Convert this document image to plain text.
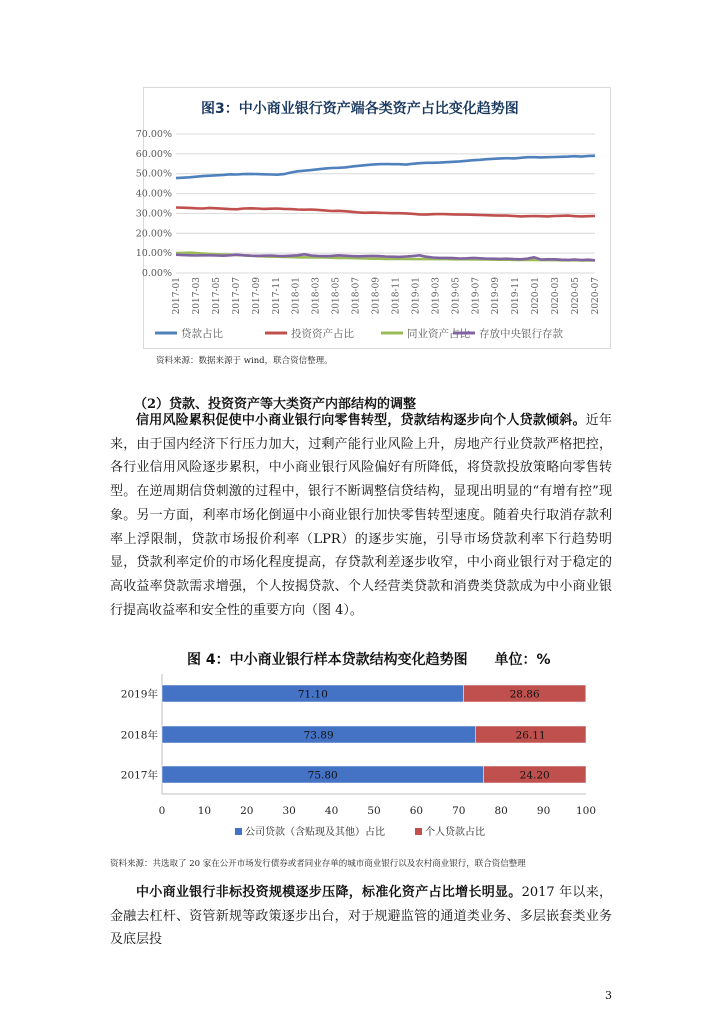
0.00%
10.00%
20.00%
30.00%
40.00%
50.00%
60.00%
70.00%
2017-01 2017-03 2017-05 2017-07 2017-09 2017-11 2018-01 2018-03 2018-05 2018-07 2018-09 2018-11 2019-01 2019-03 2019-05 2019-07 2019-09 2019-11 2020-01 2020-03 2020-05 2020-07
贷款占比	投资资产占比	同业资产占比 存放中央银行存款
图3：中小商业银行资产端各类资产占比变化趋势图
资料来源：数据来源于 wind，联合资信整理。
（2）贷款、投资资产等大类资产内部结构的调整
信用风险累积促使中小商业银行向零售转型，贷款结构逐步向个人贷款倾斜。近年来，由于国内经济下行压力加大，过剩产能行业风险上升，房地产行业贷款严格把控，各行业信用风险逐步累积，中小商业银行风险偏好有所降低，将贷款投放策略向零售转型。在逆周期信贷刺激的过程中，银行不断调整信贷结构，显现出明显的“有增有控”现象。另一方面，利率市场化倒逼中小商业银行加快零售转型速度。随着央行取消存款利率上浮限制，贷款市场报价利率（LPR）的逐步实施，引导市场贷款利率下行趋势明显，贷款利率定价的市场化程度提高，存贷款利差逐步收窄，中小商业银行对于稳定的高收益率贷款需求增强，个人按揭贷款、个人经营类贷款和消费类贷款成为中小商业银行提高收益率和安全性的重要方向（图 4）。
图 4：中小商业银行样本贷款结构变化趋势图 单位：%
2019年	71.10	28.86
2018年	73.89	26.11
2017年	75.80	24.20
0	10	20	30	40	50	60	70	80	90 100
公司贷款（含贴现及其他）占比	个人贷款占比
资料来源：共选取了 20 家在公开市场发行债券或者同业存单的城市商业银行以及农村商业银行，联合资信整理
中小商业银行非标投资规模逐步压降，标准化资产占比增长明显。2017 年以来，金融去杠杆、资管新规等政策逐步出台，对于规避监管的通道类业务、多层嵌套类业务及底层投
3
